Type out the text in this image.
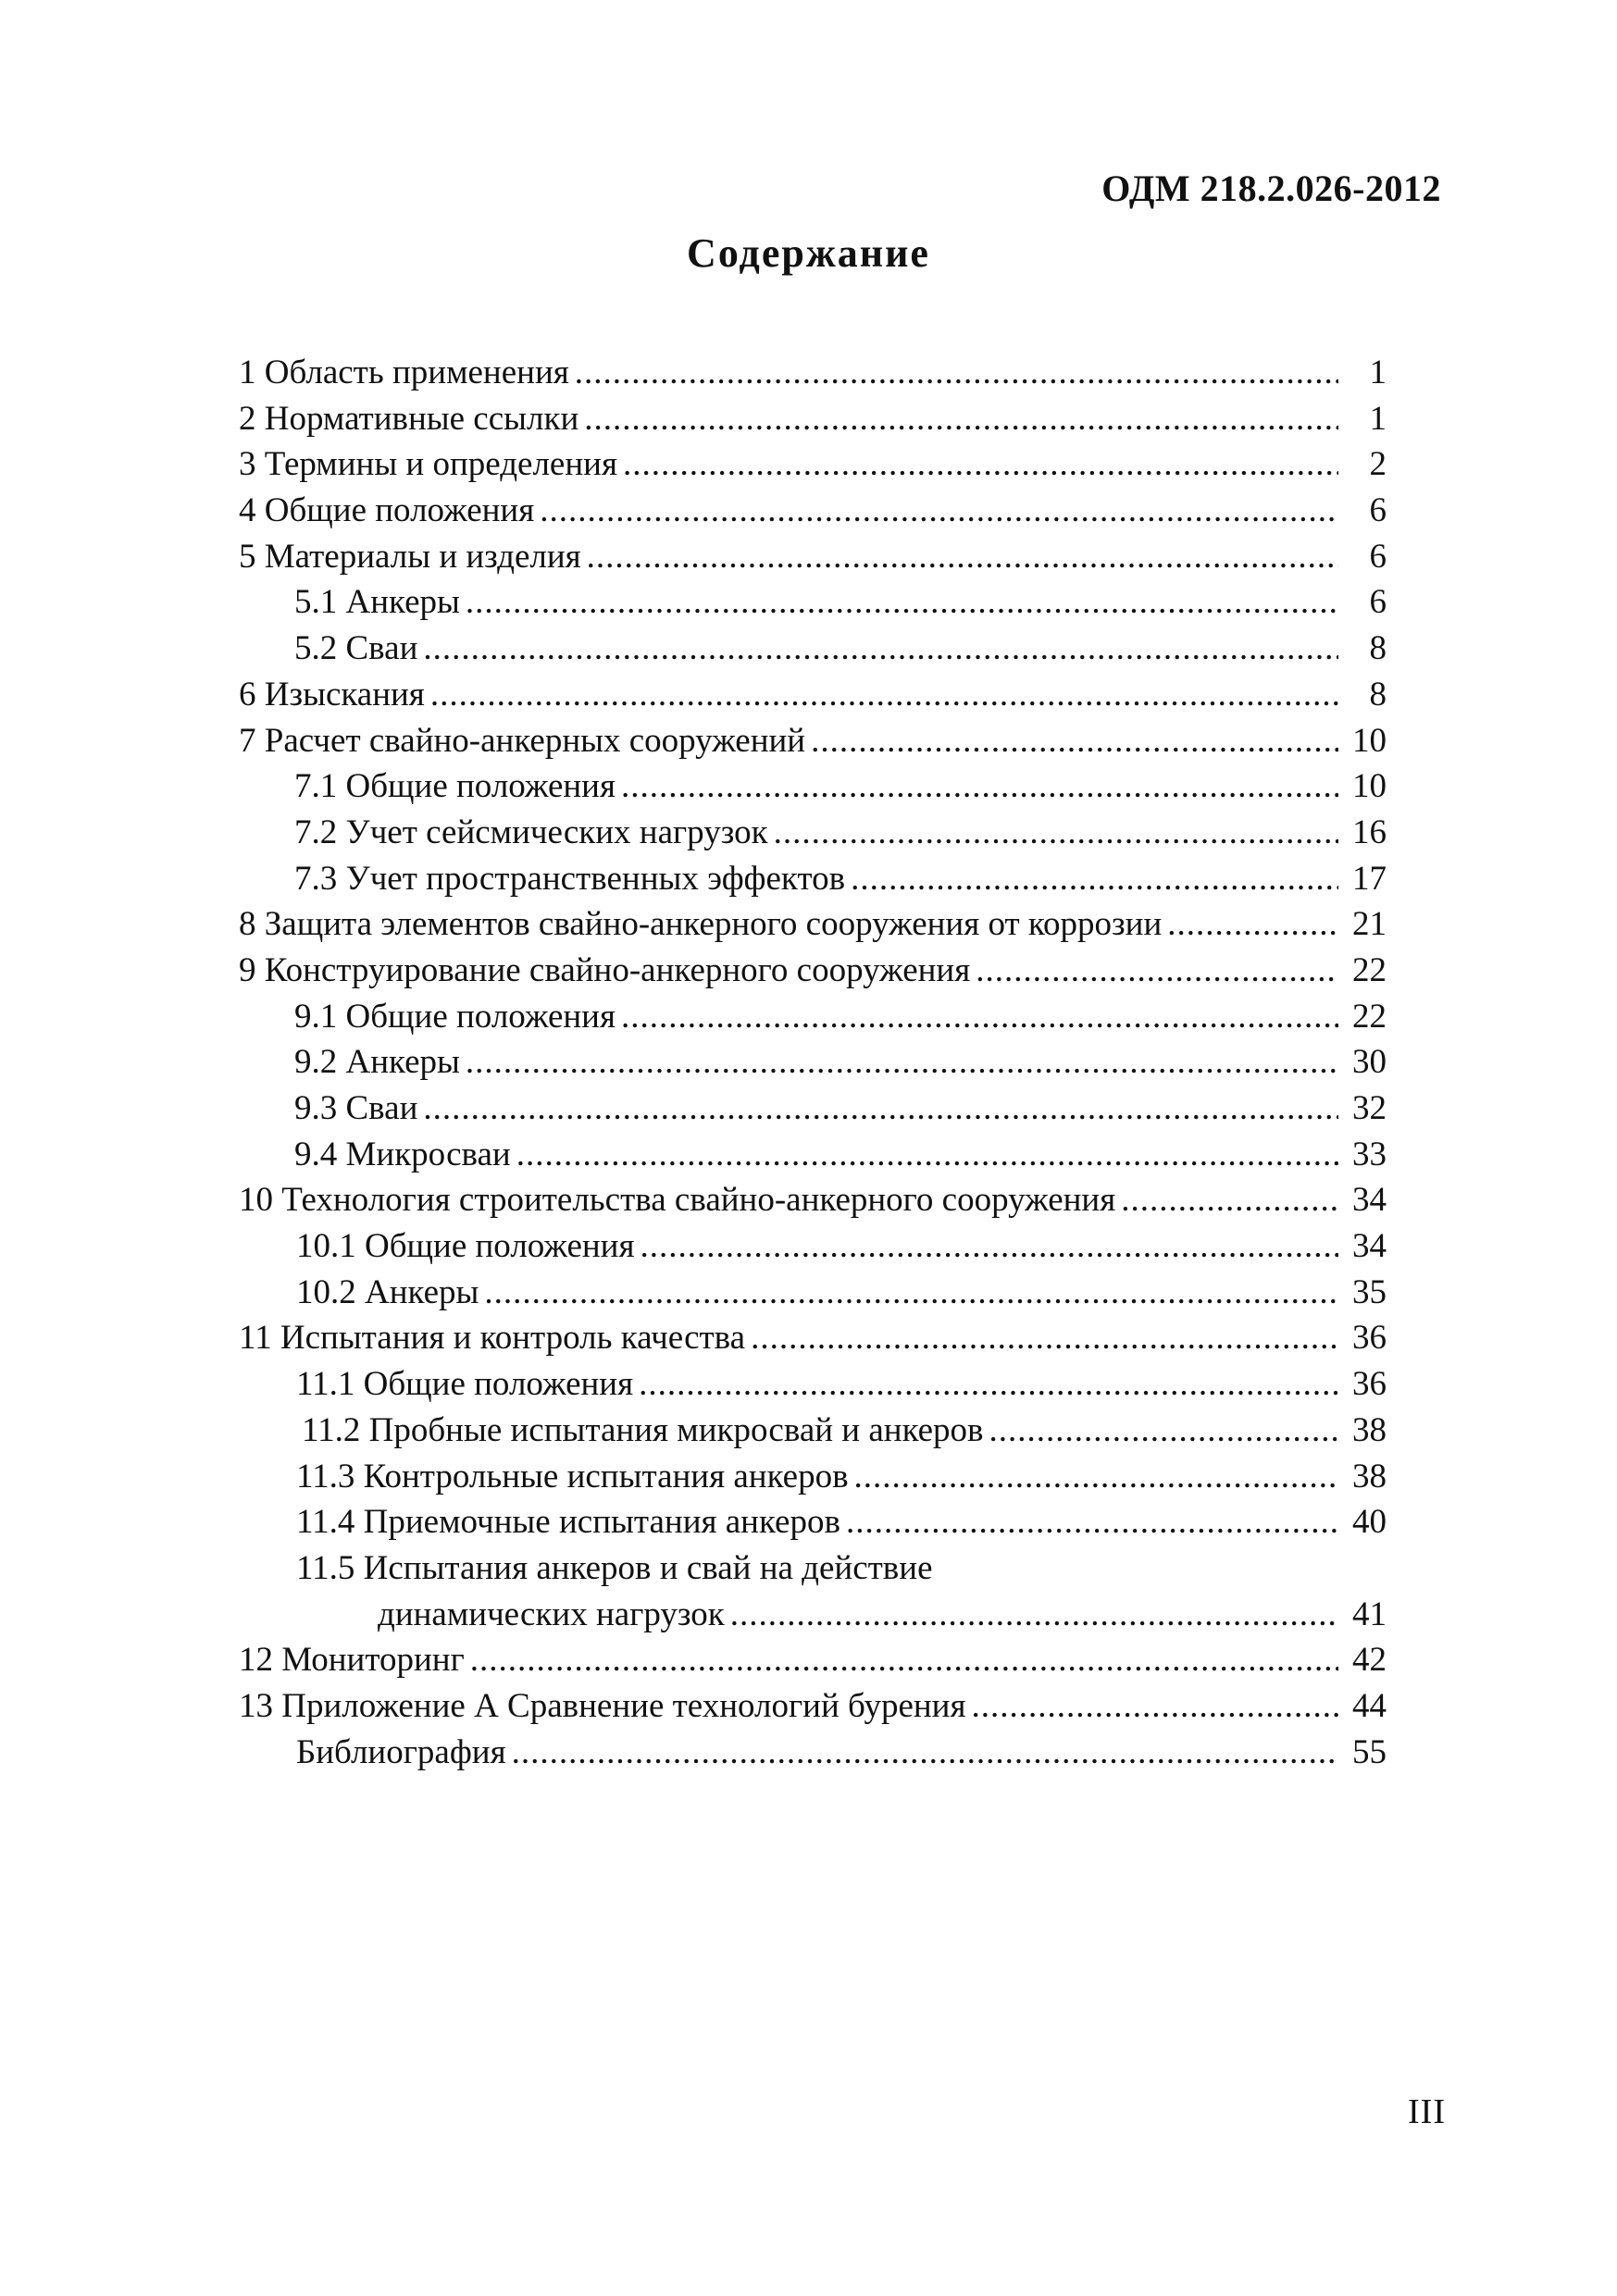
ОДМ 218.2.026-2012
Содержание
1 Область применения .....	1
2 Нормативные ссылки .....	1
3 Термины и определения .....	2
4 Общие положения .....	6
5 Материалы и изделия .....	6
5.1 Анкеры .....	6
5.2 Сваи .....	8
6 Изыскания .....	8
7 Расчет свайно-анкерных сооружений .....	10
7.1 Общие положения .....	10
7.2 Учет сейсмических нагрузок .....	16
7.3 Учет пространственных эффектов .....	17
8 Защита элементов свайно-анкерного сооружения от коррозии .....	21
9 Конструирование свайно-анкерного сооружения .....	22
9.1 Общие положения .....	22
9.2 Анкеры .....	30
9.3 Сваи .....	32
9.4 Микросваи .....	33
10 Технология строительства свайно-анкерного сооружения .....	34
10.1 Общие положения .....	34
10.2 Анкеры .....	35
11 Испытания и контроль качества .....	36
11.1 Общие положения .....	36
11.2 Пробные испытания микросвай и анкеров .....	38
11.3 Контрольные испытания анкеров .....	38
11.4 Приемочные испытания анкеров .....	40
11.5 Испытания анкеров и свай на действие
динамических нагрузок .....	41
12 Мониторинг .....	42
13 Приложение А Сравнение технологий бурения .....	44
Библиография .....	55
III
